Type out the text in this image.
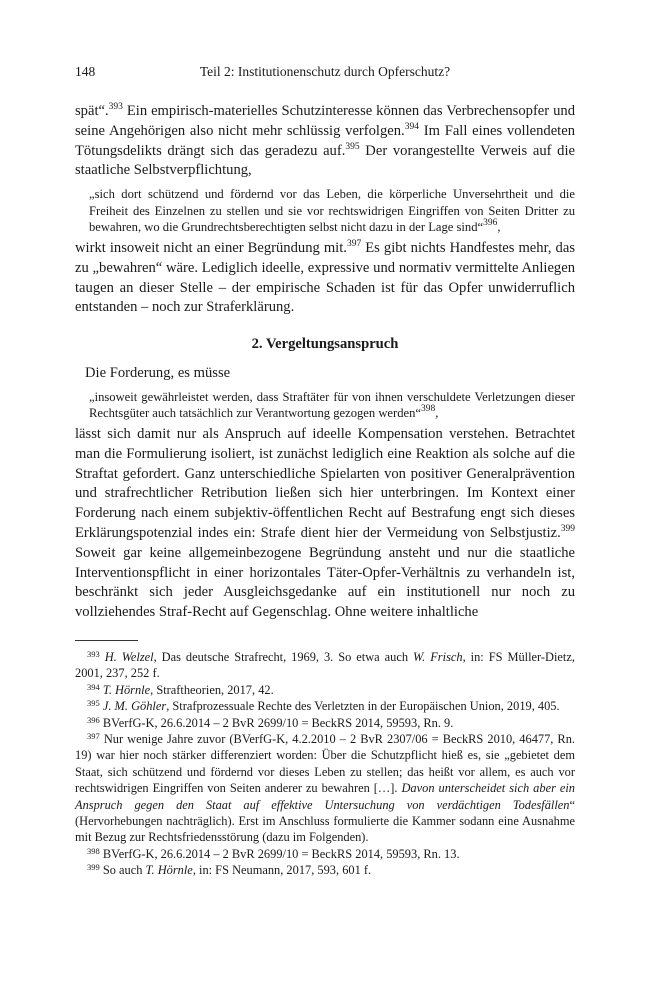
148	Teil 2: Institutionenschutz durch Opferschutz?

spät“.$^{393}$ Ein empirisch-materielles Schutzinteresse können das Verbrechensopfer und seine Angehörigen also nicht mehr schlüssig verfolgen.$^{394}$ Im Fall eines vollendeten Tötungsdelikts drängt sich das geradezu auf.$^{395}$ Der vorangestellte Verweis auf die staatliche Selbstverpflichtung,

„sich dort schützend und fördernd vor das Leben, die körperliche Unversehrtheit und die Freiheit des Einzelnen zu stellen und sie vor rechtswidrigen Eingriffen von Seiten Dritter zu bewahren, wo die Grundrechtsberechtigten selbst nicht dazu in der Lage sind“$^{396}$,

wirkt insoweit nicht an einer Begründung mit.$^{397}$ Es gibt nichts Handfestes mehr, das zu „bewahren“ wäre. Lediglich ideelle, expressive und normativ vermittelte Anliegen taugen an dieser Stelle – der empirische Schaden ist für das Opfer unwiderruflich entstanden – noch zur Straferklärung.

2. Vergeltungsanspruch

Die Forderung, es müsse

„insoweit gewährleistet werden, dass Straftäter für von ihnen verschuldete Verletzungen dieser Rechtsgüter auch tatsächlich zur Verantwortung gezogen werden“$^{398}$,

lässt sich damit nur als Anspruch auf ideelle Kompensation verstehen. Betrachtet man die Formulierung isoliert, ist zunächst lediglich eine Reaktion als solche auf die Straftat gefordert. Ganz unterschiedliche Spielarten von positiver Generalprävention und strafrechtlicher Retribution ließen sich hier unterbringen. Im Kontext einer Forderung nach einem subjektiv-öffentlichen Recht auf Bestrafung engt sich dieses Erklärungspotenzial indes ein: Strafe dient hier der Vermeidung von Selbstjustiz.$^{399}$ Soweit gar keine allgemeinbezogene Begründung ansteht und nur die staatliche Interventionspflicht in einer horizontales Täter-Opfer-Verhältnis zu verhandeln ist, beschränkt sich jeder Ausgleichsgedanke auf ein institutionell nur noch zu vollziehendes Straf-Recht auf Gegenschlag. Ohne weitere inhaltliche

$^{393}$ H. Welzel, Das deutsche Strafrecht, 1969, 3. So etwa auch W. Frisch, in: FS Müller-Dietz, 2001, 237, 252 f.

$^{394}$ T. Hörnle, Straftheorien, 2017, 42.

$^{395}$ J. M. Göhler, Strafprozessuale Rechte des Verletzten in der Europäischen Union, 2019, 405.

$^{396}$ BVerfG-K, 26.6.2014 – 2 BvR 2699/10 = BeckRS 2014, 59593, Rn. 9.

$^{397}$ Nur wenige Jahre zuvor (BVerfG-K, 4.2.2010 – 2 BvR 2307/06 = BeckRS 2010, 46477, Rn. 19) war hier noch stärker differenziert worden: Über die Schutzpflicht hieß es, sie „gebietet dem Staat, sich schützend und fördernd vor dieses Leben zu stellen; das heißt vor allem, es auch vor rechtswidrigen Eingriffen von Seiten anderer zu bewahren […]. Davon unterscheidet sich aber ein Anspruch gegen den Staat auf effektive Untersuchung von verdächtigen Todesfällen“ (Hervorhebungen nachträglich). Erst im Anschluss formulierte die Kammer sodann eine Ausnahme mit Bezug zur Rechtsfriedensstörung (dazu im Folgenden).

$^{398}$ BVerfG-K, 26.6.2014 – 2 BvR 2699/10 = BeckRS 2014, 59593, Rn. 13.

$^{399}$ So auch T. Hörnle, in: FS Neumann, 2017, 593, 601 f.
